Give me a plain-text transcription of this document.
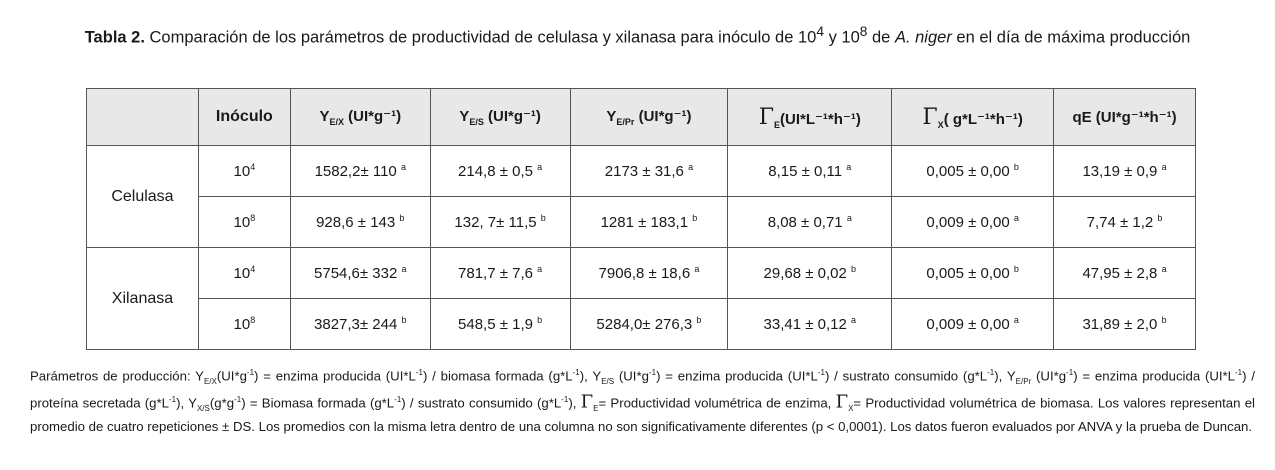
Tabla 2. Comparación de los parámetros de productividad de celulasa y xilanasa para inóculo de $10^4$ y $10^8$ de A. niger en el día de máxima producción
	Inóculo	$Y_{E/X}$ (UI*g⁻¹)	$Y_{E/S}$ (UI*g⁻¹)	$Y_{E/Pr}$ (UI*g⁻¹)	$\Gamma_E(UI*L^{-1}*h^{-1})$	$\Gamma_X$( g*L⁻¹*h⁻¹)	qE (UI*g⁻¹*h⁻¹)
Celulasa	$10^4$	1582,2± 110 $^a$	214,8 ± 0,5 $^a$	2173 ± 31,6 $^a$	8,15 ± 0,11 $^a$	0,005 ± 0,00 $^b$	13,19 ± 0,9 $^a$
	$10^8$	928,6 ± 143 $^b$	132, 7± 11,5 $^b$	1281 ± 183,1 $^b$	8,08 ± 0,71 $^a$	0,009 ± 0,00 $^a$	7,74 ± 1,2 $^b$
Xilanasa	$10^4$	5754,6± 332 $^a$	781,7 ± 7,6 $^a$	7906,8 ± 18,6 $^a$	29,68 ± 0,02 $^b$	0,005 ± 0,00 $^b$	47,95 ± 2,8 $^a$
	$10^8$	3827,3± 244 $^b$	548,5 ± 1,9 $^b$	5284,0± 276,3 $^b$	33,41 ± 0,12 $^a$	0,009 ± 0,00 $^a$	31,89 ± 2,0 $^b$
Parámetros de producción: $Y_{E/X}(UI*g^{-1})$ = enzima producida $(UI*L^{-1})$ / biomasa formada $(g*L^{-1})$, $Y_{E/S}$ $(UI*g^{-1})$ = enzima producida $(UI*L^{-1})$ / sustrato consumido $(g*L^{-1})$, $Y_{E/Pr}$ $(UI*g^{-1})$ = enzima producida $(UI*L^{-1})$ / proteína secretada $(g*L^{-1})$, $Y_{X/S}(g*g^{-1})$ = Biomasa formada $(g*L^{-1})$ / sustrato consumido $(g*L^{-1})$, $\Gamma_E=$ Productividad volumétrica de enzima, $\Gamma_X=$ Productividad volumétrica de biomasa. Los valores representan el promedio de cuatro repeticiones ± DS. Los promedios con la misma letra dentro de una columna no son significativamente diferentes (p < 0,0001). Los datos fueron evaluados por ANVA y la prueba de Duncan.
